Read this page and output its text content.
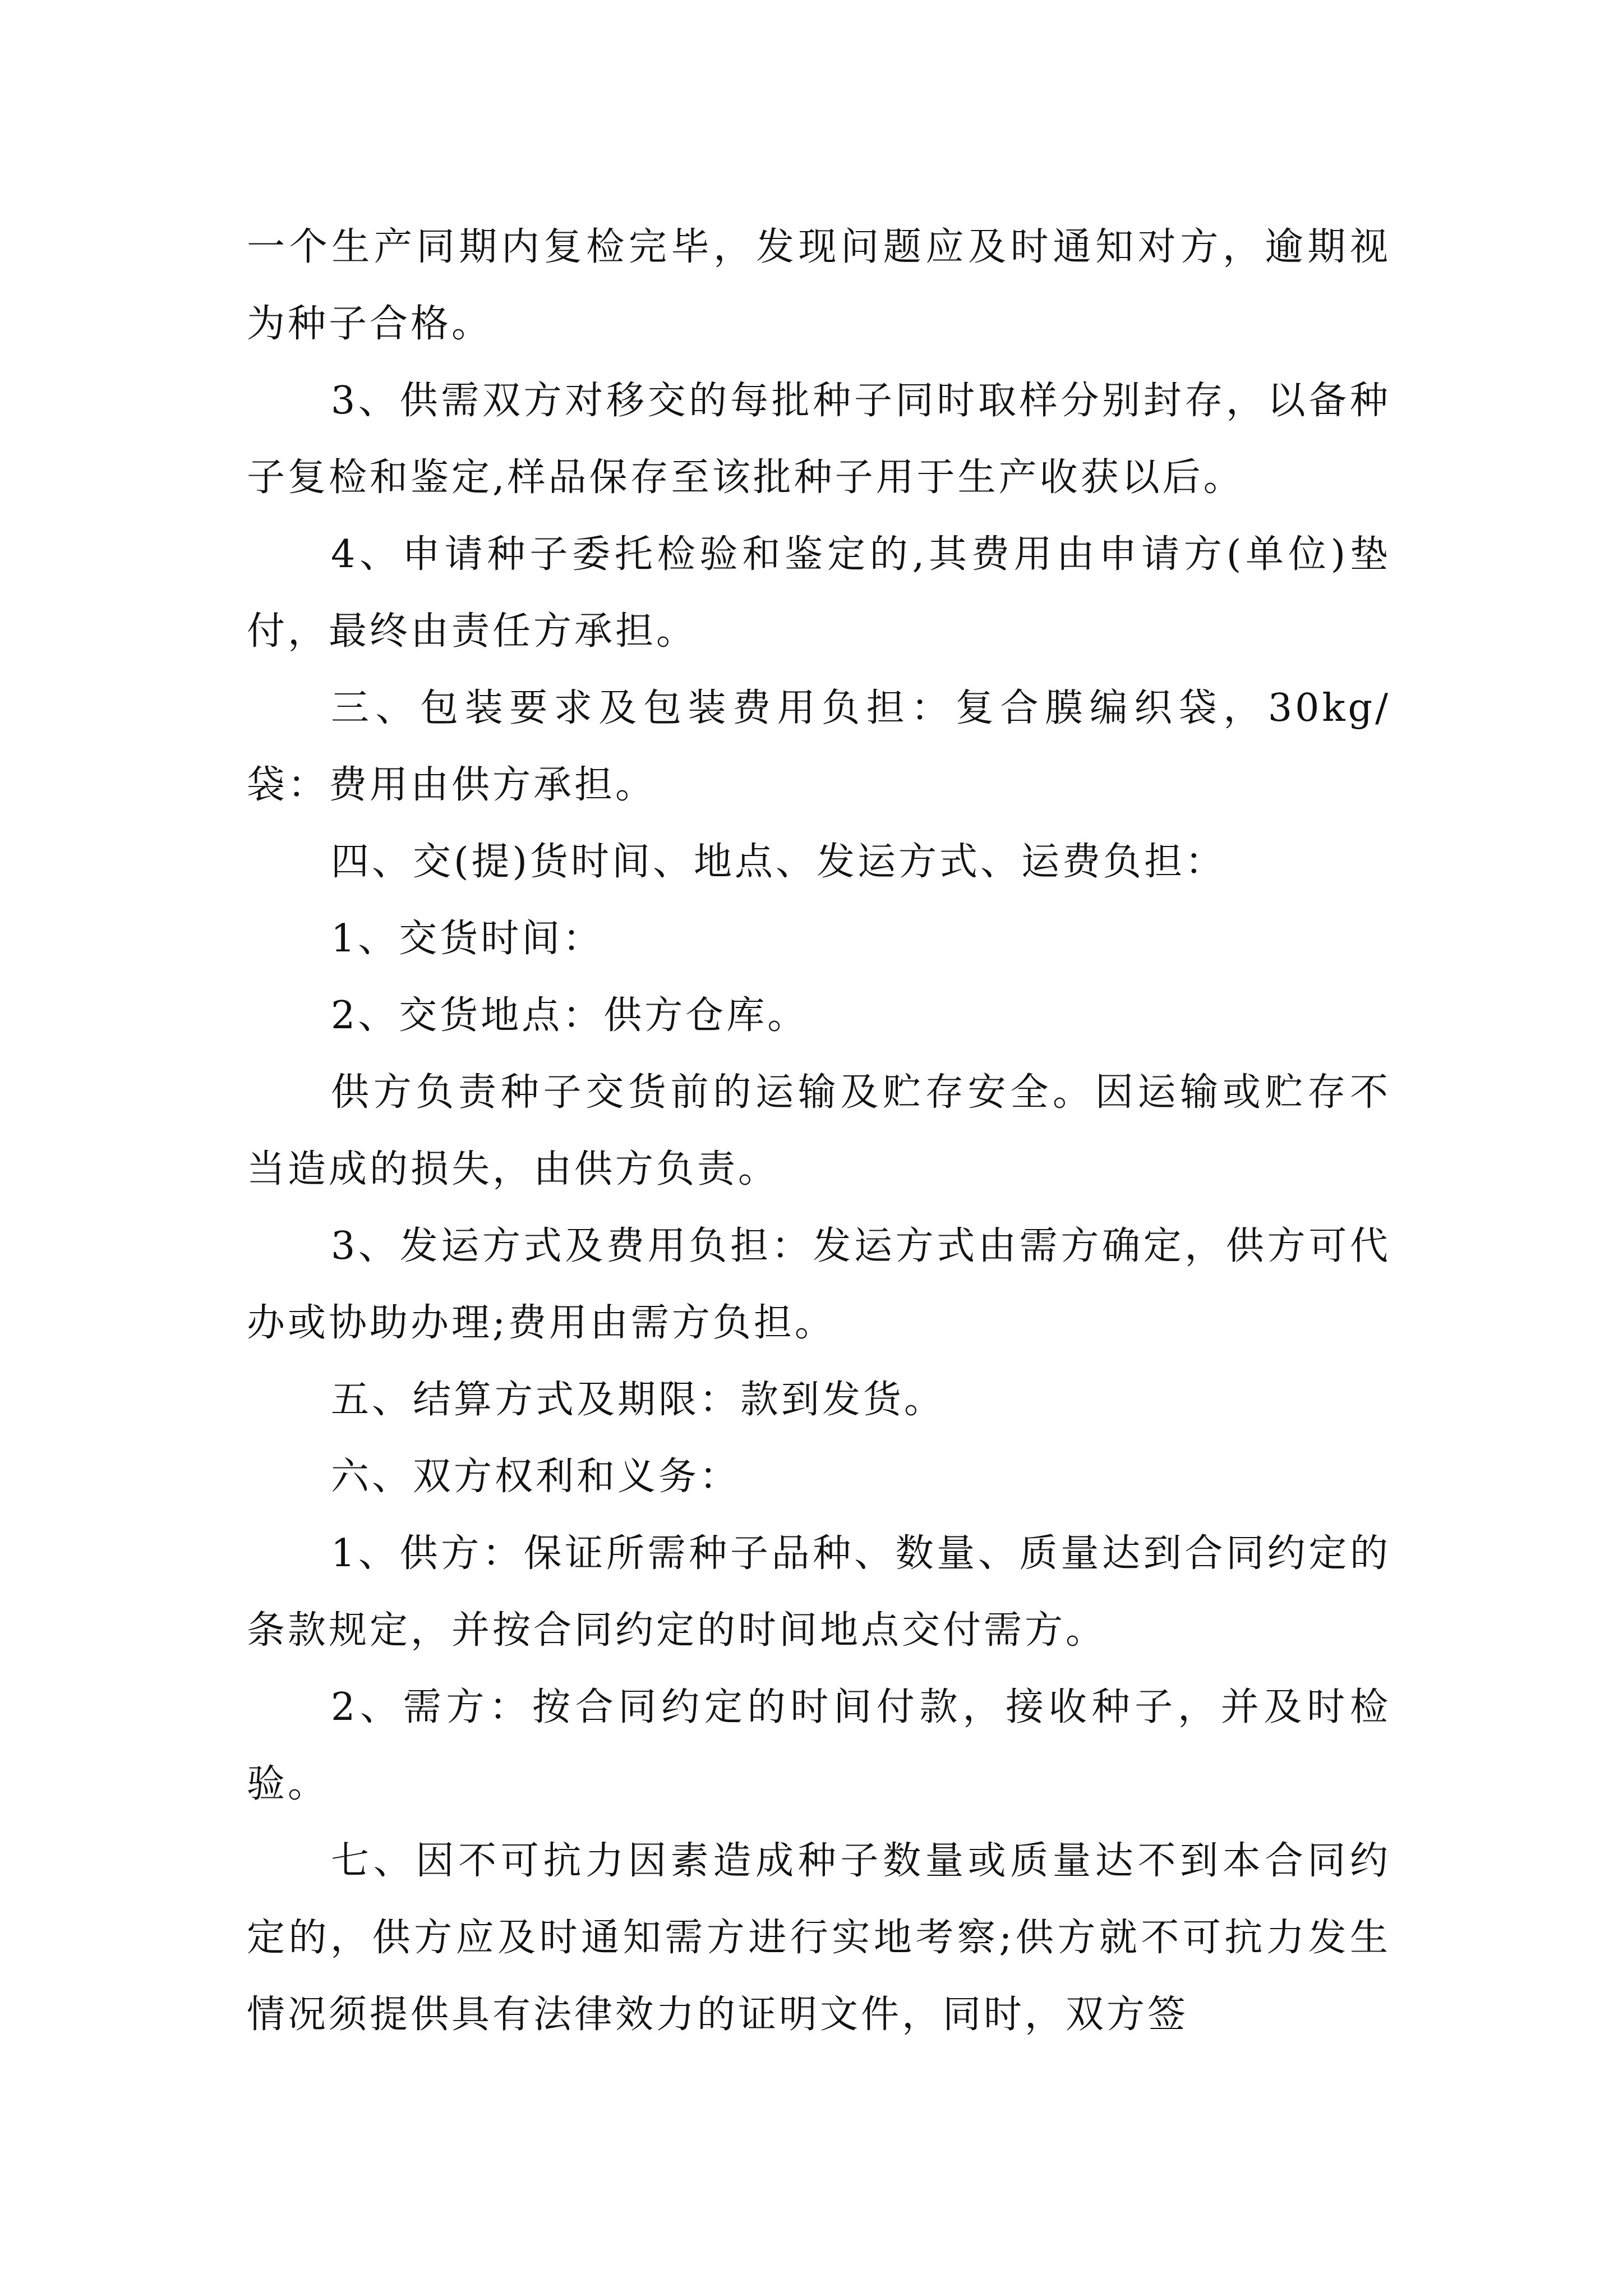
一个生产同期内复检完毕，发现问题应及时通知对方，逾期视为种子合格。

3、供需双方对移交的每批种子同时取样分别封存，以备种子复检和鉴定,样品保存至该批种子用于生产收获以后。

4、申请种子委托检验和鉴定的,其费用由申请方(单位)垫付，最终由责任方承担。

三、包装要求及包装费用负担：复合膜编织袋，30kg/袋：费用由供方承担。

四、交(提)货时间、地点、发运方式、运费负担：

1、交货时间：

2、交货地点：供方仓库。

供方负责种子交货前的运输及贮存安全。因运输或贮存不当造成的损失，由供方负责。

3、发运方式及费用负担：发运方式由需方确定，供方可代办或协助办理;费用由需方负担。

五、结算方式及期限：款到发货。

六、双方权利和义务：

1、供方：保证所需种子品种、数量、质量达到合同约定的条款规定，并按合同约定的时间地点交付需方。

2、需方：按合同约定的时间付款，接收种子，并及时检验。

七、因不可抗力因素造成种子数量或质量达不到本合同约定的，供方应及时通知需方进行实地考察;供方就不可抗力发生情况须提供具有法律效力的证明文件，同时，双方签
